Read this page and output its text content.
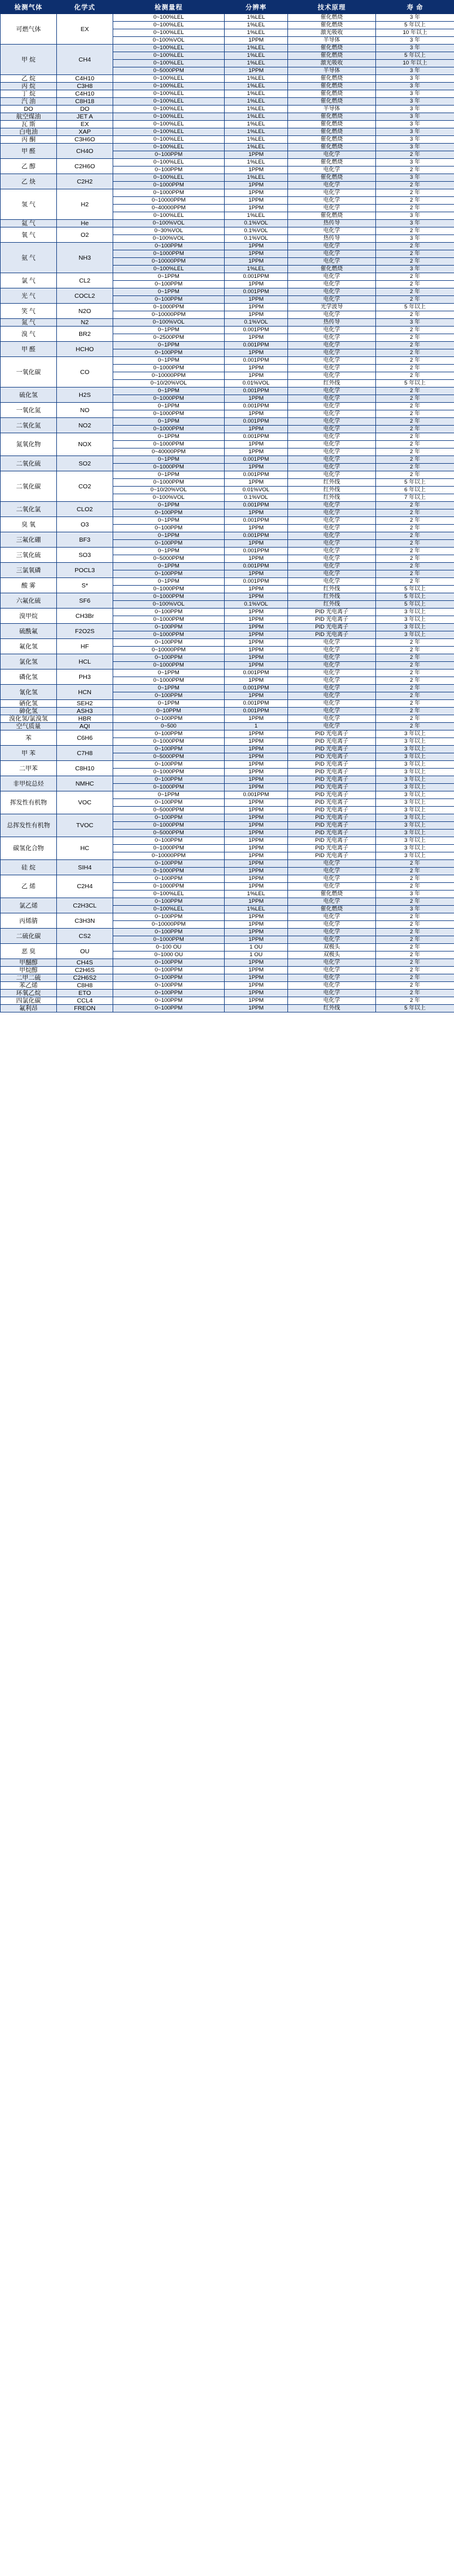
检测气体	化学式	检测量程	分辨率	技术原理	寿 命
可燃气体	EX	0~100%LEL	1%LEL	催化燃烧	3 年
		0~100%LEL	1%LEL	催化燃烧	5 年以上
		0~100%LEL	1%LEL	激光吸收	10 年以上
		0~100%VOL	1PPM	半导体	3 年
甲 烷	CH4	0~100%LEL	1%LEL	催化燃烧	3 年
		0~100%LEL	1%LEL	催化燃烧	5 年以上
		0~100%LEL	1%LEL	激光吸收	10 年以上
		0~5000PPM	1PPM	半导体	3 年
乙 烷	C4H10	0~100%LEL	1%LEL	催化燃烧	3 年
丙 烷	C3H8	0~100%LEL	1%LEL	催化燃烧	3 年
丁 烷	C4H10	0~100%LEL	1%LEL	催化燃烧	3 年
汽 油	C8H18	0~100%LEL	1%LEL	催化燃烧	3 年
DO	DO	0~100%LEL	1%LEL	半导体	3 年
航空煤油	JET A	0~100%LEL	1%LEL	催化燃烧	3 年
瓦 斯	EX	0~100%LEL	1%LEL	催化燃烧	3 年
白电油	XAP	0~100%LEL	1%LEL	催化燃烧	3 年
丙 酮	C3H6O	0~100%LEL	1%LEL	催化燃烧	3 年
甲 醛	CH4O	0~100%LEL	1%LEL	催化燃烧	3 年
		0~100PPM	1PPM	电化学	2 年
乙 醇	C2H6O	0~100%LEL	1%LEL	催化燃烧	3 年
		0~100PPM	1PPM	电化学	2 年
乙 炔	C2H2	0~100%LEL	1%LEL	催化燃烧	3 年
		0~1000PPM	1PPM	电化学	2 年
氢 气	H2	0~1000PPM	1PPM	电化学	2 年
		0~10000PPM	1PPM	电化学	2 年
		0~40000PPM	1PPM	电化学	2 年
		0~100%LEL	1%LEL	催化燃烧	3 年
氦 气	He	0~100%VOL	0.1%VOL	热传导	3 年
氧 气	O2	0~30%VOL	0.1%VOL	电化学	2 年
		0~100%VOL	0.1%VOL	热传导	3 年
氨 气	NH3	0~100PPM	1PPM	电化学	2 年
		0~1000PPM	1PPM	电化学	2 年
		0~10000PPM	1PPM	电化学	2 年
		0~100%LEL	1%LEL	催化燃烧	3 年
氯 气	CL2	0~1PPM	0.001PPM	电化学	2 年
		0~100PPM	1PPM	电化学	2 年
光 气	COCL2	0~1PPM	0.001PPM	电化学	2 年
		0~100PPM	1PPM	电化学	2 年
笑 气	N2O	0~1000PPM	1PPM	光学波导	5 年以上
		0~10000PPM	1PPM	电化学	2 年
氮 气	N2	0~100%VOL	0.1%VOL	热传导	3 年
溴 气	BR2	0~1PPM	0.001PPM	电化学	2 年
		0~2500PPM	1PPM	电化学	2 年
甲 醛	HCHO	0~1PPM	0.001PPM	电化学	2 年
		0~100PPM	1PPM	电化学	2 年
一氧化碳	CO	0~1PPM	0.001PPM	电化学	2 年
		0~1000PPM	1PPM	电化学	2 年
		0~10000PPM	1PPM	电化学	2 年
		0~10/20%VOL	0.01%VOL	红外线	5 年以上
硫化氢	H2S	0~1PPM	0.001PPM	电化学	2 年
		0~1000PPM	1PPM	电化学	2 年
一氧化氮	NO	0~1PPM	0.001PPM	电化学	2 年
		0~1000PPM	1PPM	电化学	2 年
二氧化氮	NO2	0~1PPM	0.001PPM	电化学	2 年
		0~1000PPM	1PPM	电化学	2 年
氮氧化物	NOX	0~1PPM	0.001PPM	电化学	2 年
		0~1000PPM	1PPM	电化学	2 年
		0~40000PPM	1PPM	电化学	2 年
二氧化硫	SO2	0~1PPM	0.001PPM	电化学	2 年
		0~1000PPM	1PPM	电化学	2 年
二氧化碳	CO2	0~1PPM	0.001PPM	电化学	2 年
		0~1000PPM	1PPM	红外线	5 年以上
		0~10/20%VOL	0.01%VOL	红外线	6 年以上
		0~100%VOL	0.1%VOL	红外线	7 年以上
二氧化氯	CLO2	0~1PPM	0.001PPM	电化学	2 年
		0~100PPM	1PPM	电化学	2 年
臭 氧	O3	0~1PPM	0.001PPM	电化学	2 年
		0~100PPM	1PPM	电化学	2 年
三氟化硼	BF3	0~1PPM	0.001PPM	电化学	2 年
		0~100PPM	1PPM	电化学	2 年
三氧化硫	SO3	0~1PPM	0.001PPM	电化学	2 年
		0~5000PPM	1PPM	电化学	2 年
三氯氧磷	POCL3	0~1PPM	0.001PPM	电化学	2 年
		0~100PPM	1PPM	电化学	2 年
酸 雾	S*	0~1PPM	0.001PPM	电化学	2 年
		0~1000PPM	1PPM	红外线	5 年以上
六氟化硫	SF6	0~1000PPM	1PPM	红外线	5 年以上
		0~100%VOL	0.1%VOL	红外线	5 年以上
溴甲烷	CH3Br	0~100PPM	1PPM	PID 光电离子	3 年以上
		0~1000PPM	1PPM	PID 光电离子	3 年以上
硫酰氟	F2O2S	0~100PPM	1PPM	PID 光电离子	3 年以上
		0~1000PPM	1PPM	PID 光电离子	3 年以上
氟化氢	HF	0~100PPM	1PPM	电化学	2 年
		0~10000PPM	1PPM	电化学	2 年
氯化氢	HCL	0~100PPM	1PPM	电化学	2 年
		0~1000PPM	1PPM	电化学	2 年
磷化氢	PH3	0~1PPM	0.001PPM	电化学	2 年
		0~1000PPM	1PPM	电化学	2 年
氰化氢	HCN	0~1PPM	0.001PPM	电化学	2 年
		0~100PPM	1PPM	电化学	2 年
硒化氢	SEH2	0~1PPM	0.001PPM	电化学	2 年
砷化氢	ASH3	0~10PPM	0.001PPM	电化学	2 年
溴化氢/氯溴氢	HBR	0~100PPM	1PPM	电化学	2 年
空气质量	AQI	0~500	1	电化学	2 年
苯	C6H6	0~100PPM	1PPM	PID 光电离子	3 年以上
		0~1000PPM	1PPM	PID 光电离子	3 年以上
甲 苯	C7H8	0~100PPM	1PPM	PID 光电离子	3 年以上
		0~5000PPM	1PPM	PID 光电离子	3 年以上
二甲苯	C8H10	0~100PPM	1PPM	PID 光电离子	3 年以上
		0~1000PPM	1PPM	PID 光电离子	3 年以上
非甲烷总烃	NMHC	0~100PPM	1PPM	PID 光电离子	3 年以上
		0~1000PPM	1PPM	PID 光电离子	3 年以上
挥发性有机物	VOC	0~1PPM	0.001PPM	PID 光电离子	3 年以上
		0~100PPM	1PPM	PID 光电离子	3 年以上
		0~5000PPM	1PPM	PID 光电离子	3 年以上
总挥发性有机物	TVOC	0~100PPM	1PPM	PID 光电离子	3 年以上
		0~1000PPM	1PPM	PID 光电离子	3 年以上
		0~5000PPM	1PPM	PID 光电离子	3 年以上
碳氢化合物	HC	0~100PPM	1PPM	PID 光电离子	3 年以上
		0~1000PPM	1PPM	PID 光电离子	3 年以上
		0~10000PPM	1PPM	PID 光电离子	3 年以上
硅 烷	SIH4	0~100PPM	1PPM	电化学	2 年
		0~1000PPM	1PPM	电化学	2 年
乙 烯	C2H4	0~100PPM	1PPM	电化学	2 年
		0~1000PPM	1PPM	电化学	2 年
		0~100%LEL	1%LEL	催化燃烧	3 年
氯乙烯	C2H3CL	0~100PPM	1PPM	电化学	2 年
		0~100%LEL	1%LEL	催化燃烧	3 年
丙烯腈	C3H3N	0~100PPM	1PPM	电化学	2 年
		0~10000PPM	1PPM	电化学	2 年
二硫化碳	CS2	0~100PPM	1PPM	电化学	2 年
		0~1000PPM	1PPM	电化学	2 年
恶 臭	OU	0~100 OU	1 OU	双极头	2 年
		0~1000 OU	1 OU	双极头	2 年
甲醚醇	CH4S	0~100PPM	1PPM	电化学	2 年
甲烷醇	C2H6S	0~100PPM	1PPM	电化学	2 年
二甲二硫	C2H6S2	0~100PPM	1PPM	电化学	2 年
苯乙烯	C8H8	0~100PPM	1PPM	电化学	2 年
环氧乙烷	ETO	0~100PPM	1PPM	电化学	2 年
四氯化碳	CCL4	0~100PPM	1PPM	电化学	2 年
氟利昂	FREON	0~100PPM	1PPM	红外线	5 年以上
